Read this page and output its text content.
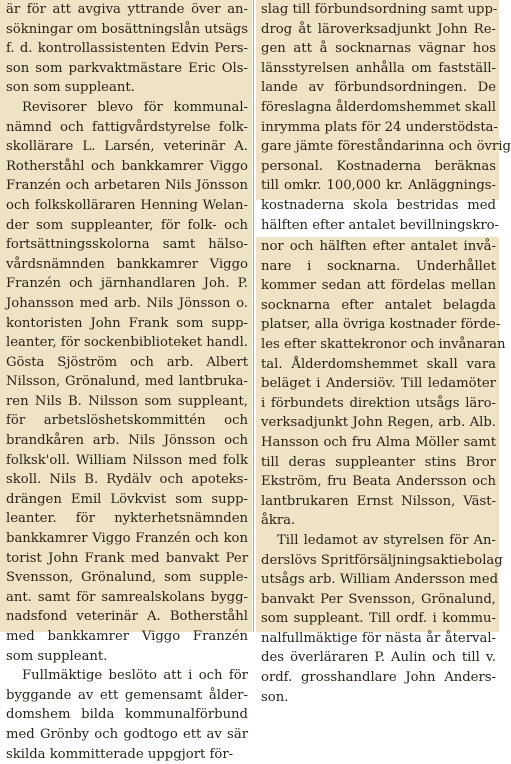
är för att avgiva yttrande över an-
sökningar om bosättningslån utsägs
f. d. kontrollassistenten Edvin Pers-
son som parkvaktmästare Eric Ols-
son som suppleant.
Revisorer blevo för kommunal-
nämnd och fattigvårdstyrelse folk-
skollärare L. Larsén, veterinär A.
Rotherståhl och bankkamrer Viggo
Franzén och arbetaren Nils Jönsson
och folkskolläraren Henning Welan-
der som suppleanter, för folk- och
fortsättningsskolorna samt hälso-
vårdsnämnden bankkamrer Viggo
Franzén och järnhandlaren Joh. P.
Johansson med arb. Nils Jönsson o.
kontoristen John Frank som supp-
leanter, för sockenbiblioteket handl.
Gösta Sjöström och arb. Albert
Nilsson, Grönalund, med lantbruka-
ren Nils B. Nilsson som suppleant,
för arbetslöshetskommittén och
brandkåren arb. Nils Jönsson och
folksk'oll. William Nilsson med folk
skoll. Nils B. Rydälv och apoteks-
drängen Emil Lövkvist som supp-
leanter. för nykterhetsnämnden
bankkamrer Viggo Franzén och kon
torist John Frank med banvakt Per
Svensson, Grönalund, som supple-
ant. samt för samrealskolans bygg-
nadsfond veterinär A. Botherståhl
med bankkamrer Viggo Franzén
som suppleant.
Fullmäktige beslöto att i och för
byggande av ett gemensamt ålder-
domshem bilda kommunalförbund
med Grönby och godtogo ett av sär
skilda kommitterade uppgjort för-
slag till förbundsordning samt upp-
drog åt läroverksadjunkt John Re-
gen att å socknarnas vägnar hos
länsstyrelsen anhålla om fastställ-
lande av förbundsordningen. De
föreslagna ålderdomshemmet skall
inrymma plats för 24 understödsta-
gare jämte föreståndarinna och övrig
personal. Kostnaderna beräknas
till omkr. 100,000 kr. Anläggnings-
kostnaderna skola bestridas med
hälften efter antalet bevillningskro-
nor och hälften efter antalet invå-
nare i socknarna. Underhållet
kommer sedan att fördelas mellan
socknarna efter antalet belagda
platser, alla övriga kostnader förde-
les efter skattekronor och invånaran
tal. Ålderdomshemmet skall vara
beläget i Andersiöv. Till ledamöter
i förbundets direktion utsågs läro-
verksadjunkt John Regen, arb. Alb.
Hansson och fru Alma Möller samt
till deras suppleanter stins Bror
Ekström, fru Beata Andersson och
lantbrukaren Ernst Nilsson, Väst-
åkra.
Till ledamot av styrelsen för An-
derslövs Spritförsäljningsaktiebolag
utsågs arb. William Andersson med
banvakt Per Svensson, Grönalund,
som suppleant. Till ordf. i kommu-
nalfullmäktige för nästa år återval-
des överläraren P. Aulin och till v.
ordf. grosshandlare John Anders-
son.
